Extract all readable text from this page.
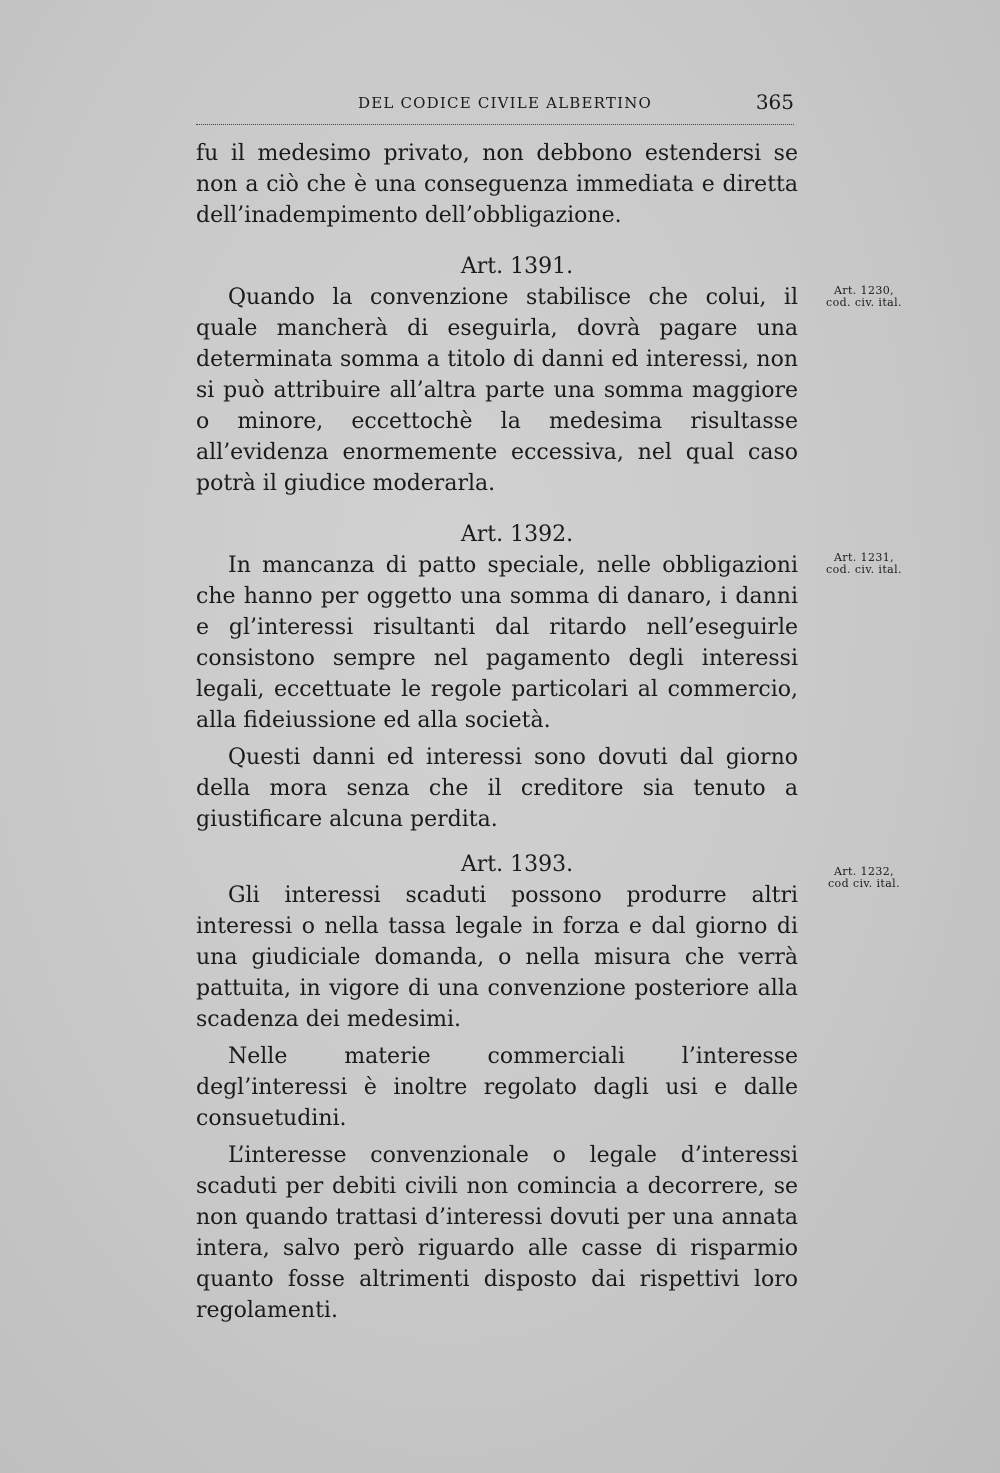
DEL CODICE CIVILE ALBERTINO	365

fu il medesimo privato, non debbono estendersi se non a ciò che è una conseguenza immediata e diretta dell’inadempimento dell’obbligazione.

Art. 1391.

Quando la convenzione stabilisce che colui, il quale mancherà di eseguirla, dovrà pagare una determinata somma a titolo di danni ed interessi, non si può attribuire all’altra parte una somma maggiore o minore, eccettochè la medesima risultasse all’evidenza enormemente eccessiva, nel qual caso potrà il giudice moderarla.

Art. 1392.

In mancanza di patto speciale, nelle obbligazioni che hanno per oggetto una somma di danaro, i danni e gl’interessi risultanti dal ritardo nell’eseguirle consistono sempre nel pagamento degli interessi legali, eccettuate le regole particolari al commercio, alla fideiussione ed alla società.

Questi danni ed interessi sono dovuti dal giorno della mora senza che il creditore sia tenuto a giustificare alcuna perdita.

Art. 1393.

Gli interessi scaduti possono produrre altri interessi o nella tassa legale in forza e dal giorno di una giudiciale domanda, o nella misura che verrà pattuita, in vigore di una convenzione posteriore alla scadenza dei medesimi.

Nelle materie commerciali l’interesse degl’interessi è inoltre regolato dagli usi e dalle consuetudini.

L’interesse convenzionale o legale d’interessi scaduti per debiti civili non comincia a decorrere, se non quando trattasi d’interessi dovuti per una annata intera, salvo però riguardo alle casse di risparmio quanto fosse altrimenti disposto dai rispettivi loro regolamenti.

Art. 1230,
cod. civ. ital.
Art. 1231,
cod. civ. ital.
Art. 1232,
cod civ. ital.
